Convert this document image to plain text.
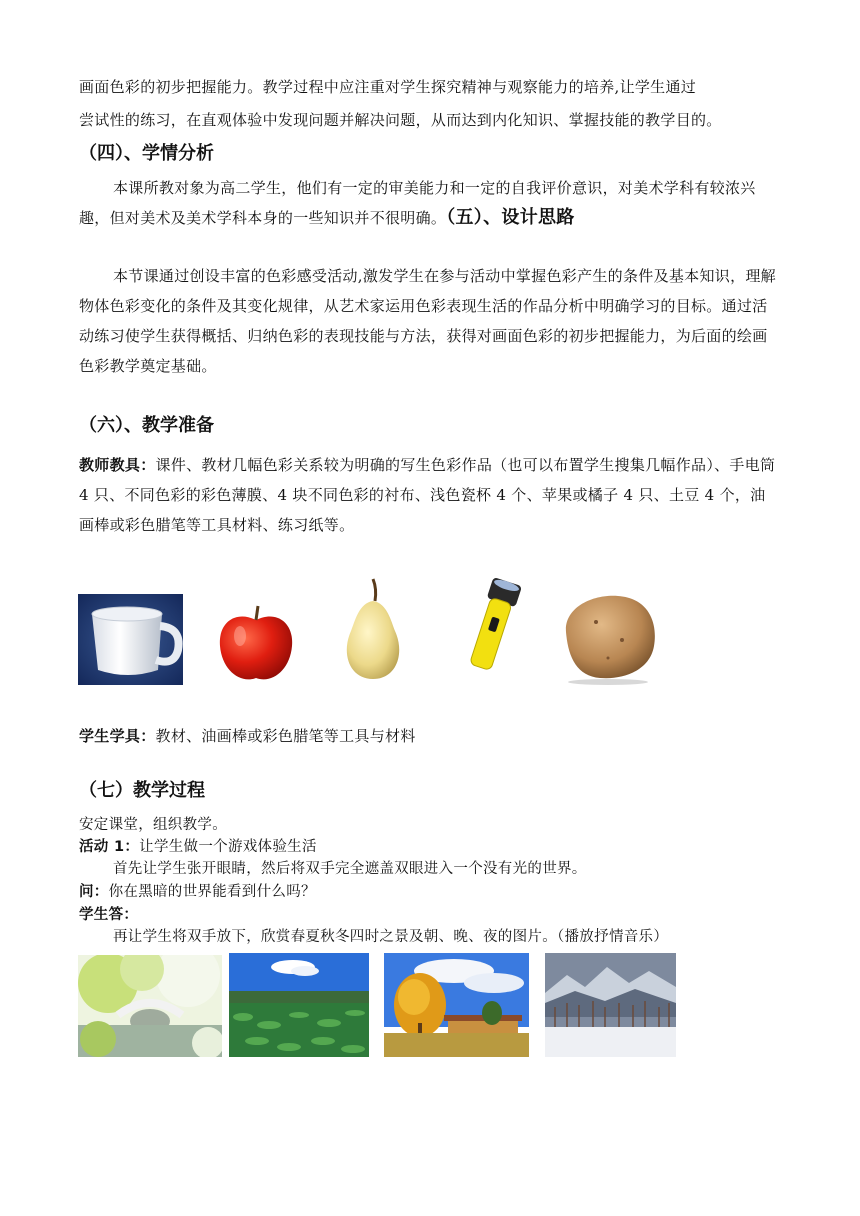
画面色彩的初步把握能力。教学过程中应注重对学生探究精神与观察能力的培养,让学生通过

尝试性的练习，在直观体验中发现问题并解决问题，从而达到内化知识、掌握技能的教学目的。

（四）、学情分析

本课所教对象为高二学生，他们有一定的审美能力和一定的自我评价意识，对美术学科有较浓兴趣，但对美术及美术学科本身的一些知识并不很明确。（五）、设计思路

本节课通过创设丰富的色彩感受活动,激发学生在参与活动中掌握色彩产生的条件及基本知识，理解物体色彩变化的条件及其变化规律，从艺术家运用色彩表现生活的作品分析中明确学习的目标。通过活动练习使学生获得概括、归纳色彩的表现技能与方法，获得对画面色彩的初步把握能力，为后面的绘画色彩教学奠定基础。

（六）、教学准备

教师教具：课件、教材几幅色彩关系较为明确的写生色彩作品（也可以布置学生搜集几幅作品）、手电筒 4 只、不同色彩的彩色薄膜、4 块不同色彩的衬布、浅色瓷杯 4 个、苹果或橘子 4 只、土豆 4 个，油画棒或彩色腊笔等工具材料、练习纸等。

学生学具：教材、油画棒或彩色腊笔等工具与材料

（七）教学过程

安定课堂，组织教学。

活动 1：让学生做一个游戏体验生活

首先让学生张开眼睛，然后将双手完全遮盖双眼进入一个没有光的世界。

问：你在黑暗的世界能看到什么吗？

学生答：

再让学生将双手放下，欣赏春夏秋冬四时之景及朝、晚、夜的图片。（播放抒情音乐）
